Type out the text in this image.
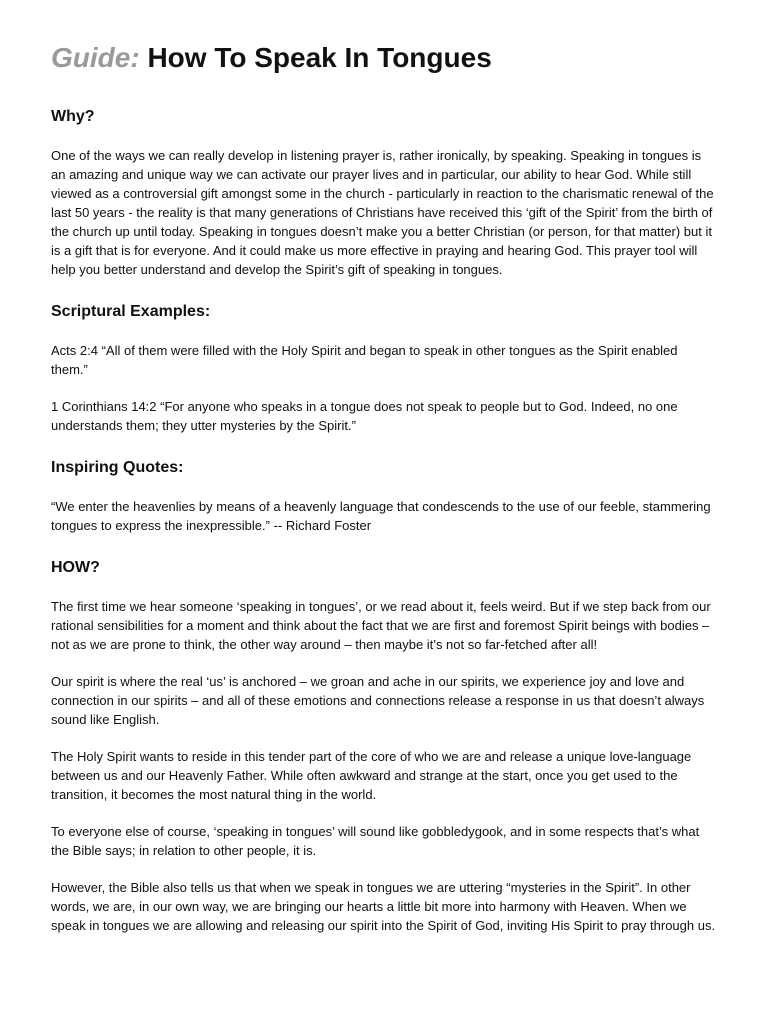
Guide: How To Speak In Tongues
Why?

One of the ways we can really develop in listening prayer is, rather ironically, by speaking. Speaking in tongues is an amazing and unique way we can activate our prayer lives and in particular, our ability to hear God. While still viewed as a controversial gift amongst some in the church - particularly in reaction to the charismatic renewal of the last 50 years - the reality is that many generations of Christians have received this ‘gift of the Spirit’ from the birth of the church up until today. Speaking in tongues doesn’t make you a better Christian (or person, for that matter) but it is a gift that is for everyone. And it could make us more effective in praying and hearing God. This prayer tool will help you better understand and develop the Spirit’s gift of speaking in tongues.

Scriptural Examples:

Acts 2:4 “All of them were filled with the Holy Spirit and began to speak in other tongues as the Spirit enabled them.”

1 Corinthians 14:2 “For anyone who speaks in a tongue does not speak to people but to God. Indeed, no one understands them; they utter mysteries by the Spirit.”

Inspiring Quotes:

“We enter the heavenlies by means of a heavenly language that condescends to the use of our feeble, stammering tongues to express the inexpressible.” -- Richard Foster

HOW?

The first time we hear someone ‘speaking in tongues’, or we read about it, feels weird. But if we step back from our rational sensibilities for a moment and think about the fact that we are first and foremost Spirit beings with bodies – not as we are prone to think, the other way around – then maybe it’s not so far-fetched after all!

Our spirit is where the real ‘us’ is anchored – we groan and ache in our spirits, we experience joy and love and connection in our spirits – and all of these emotions and connections release a response in us that doesn’t always sound like English.

The Holy Spirit wants to reside in this tender part of the core of who we are and release a unique love-language between us and our Heavenly Father. While often awkward and strange at the start, once you get used to the transition, it becomes the most natural thing in the world.

To everyone else of course, ‘speaking in tongues’ will sound like gobbledygook, and in some respects that’s what the Bible says; in relation to other people, it is.

However, the Bible also tells us that when we speak in tongues we are uttering “mysteries in the Spirit”. In other words, we are, in our own way, we are bringing our hearts a little bit more into harmony with Heaven. When we speak in tongues we are allowing and releasing our spirit into the Spirit of God, inviting His Spirit to pray through us.
